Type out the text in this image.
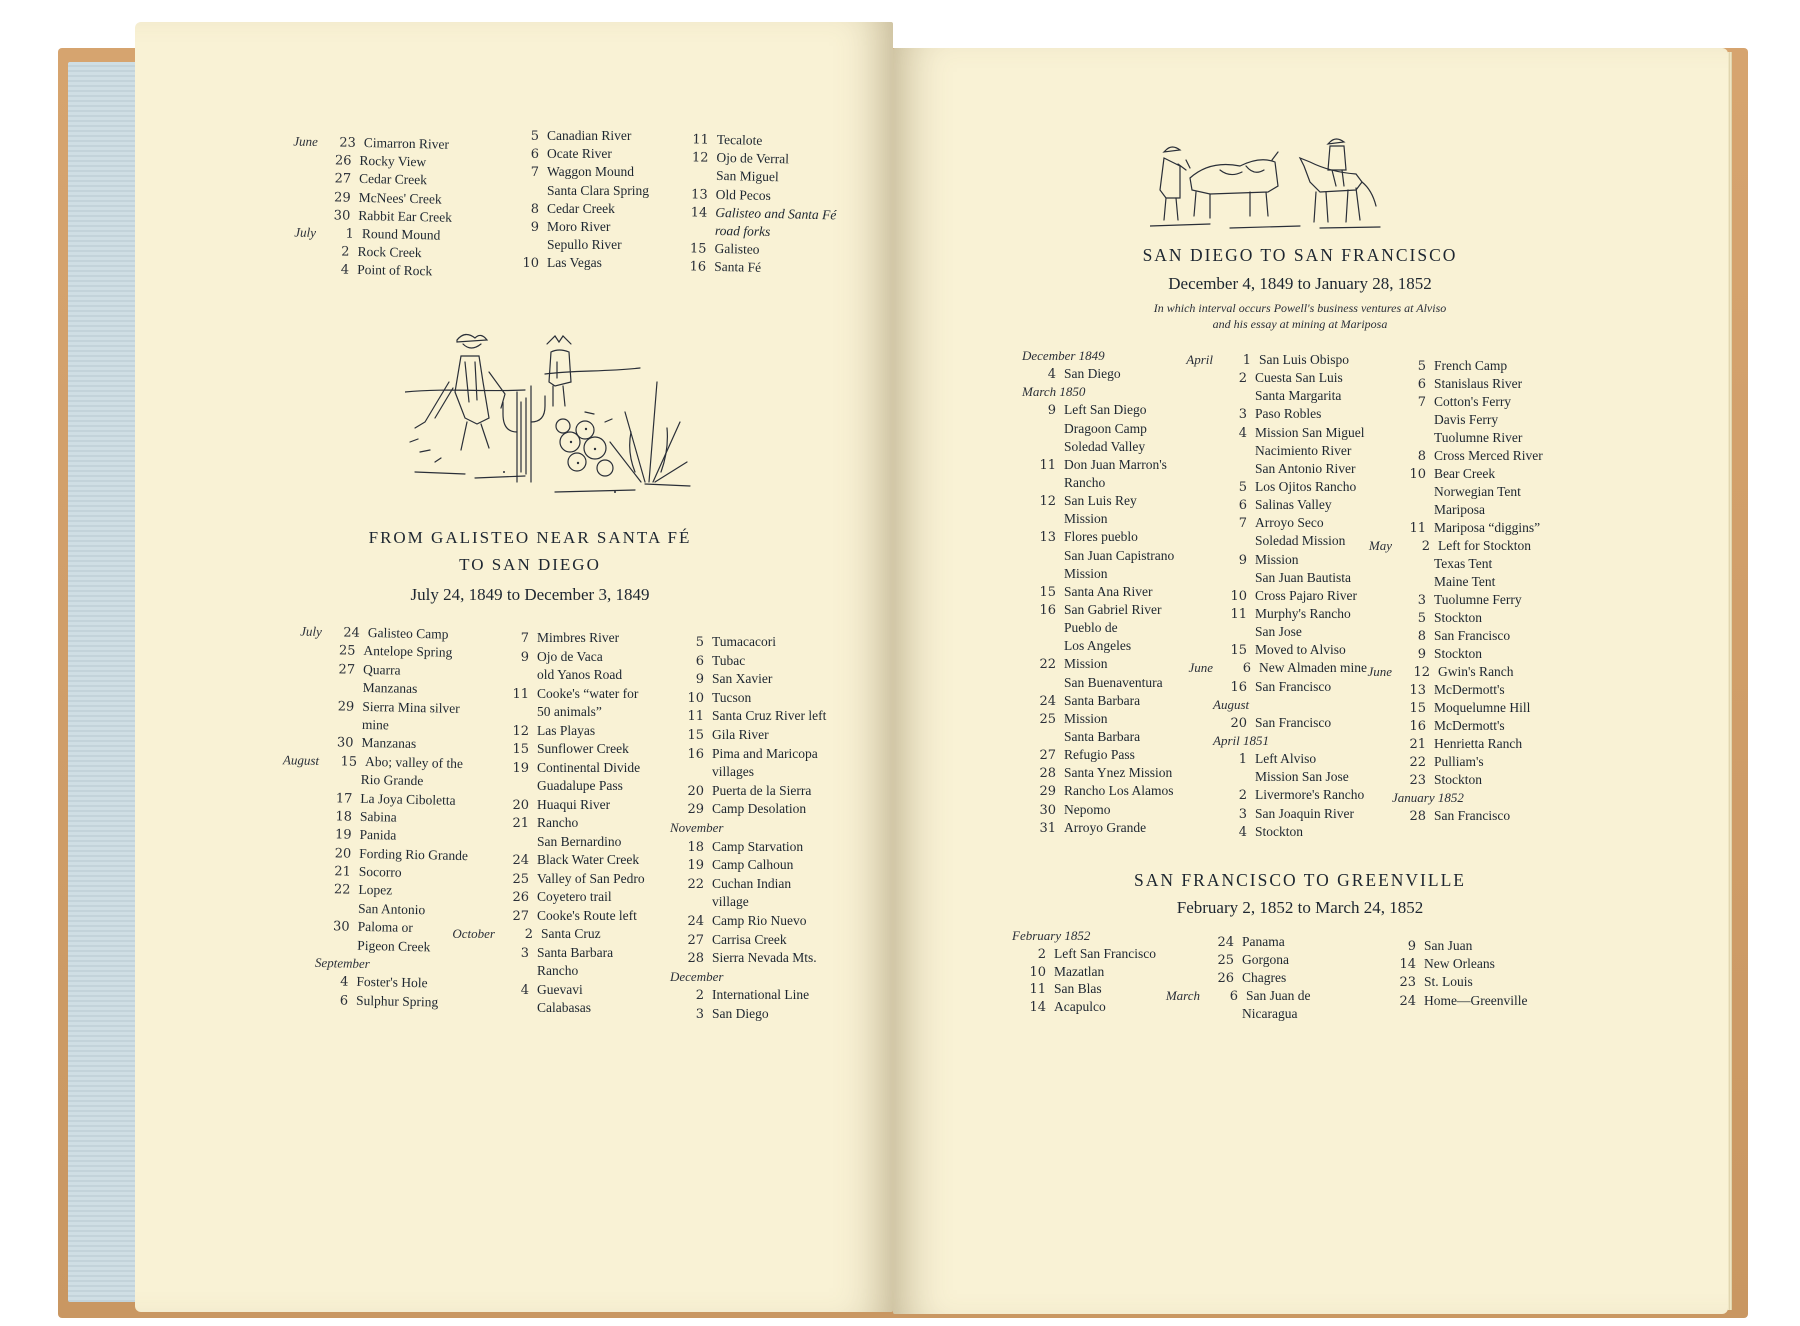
June	23 Cimarron River
26 Rocky View
27 Cedar Creek
29 McNees' Creek
30 Rabbit Ear Creek
July	1 Round Mound
2 Rock Creek
4 Point of Rock
5 Canadian River
6 Ocate River
7 Waggon Mound
Santa Clara Spring
8 Cedar Creek
9 Moro River
Sepullo River
10 Las Vegas
11 Tecalote
12 Ojo de Verral
San Miguel
13 Old Pecos
14 Galisteo and Santa Fé
road forks
15 Galisteo
16 Santa Fé
FROM GALISTEO NEAR SANTA FÉ
TO SAN DIEGO
July 24, 1849 to December 3, 1849
July	24 Galisteo Camp
25 Antelope Spring
27 Quarra
Manzanas
29 Sierra Mina silver
mine
30 Manzanas
August	15 Abo; valley of the
Rio Grande
17 La Joya Ciboletta
18 Sabina
19 Panida
20 Fording Rio Grande
21 Socorro
22 Lopez
San Antonio
30 Paloma or
Pigeon Creek
September
4 Foster's Hole
6 Sulphur Spring
7 Mimbres River
9 Ojo de Vaca
old Yanos Road
11 Cooke's “water for
50 animals”
12 Las Playas
15 Sunflower Creek
19 Continental Divide
Guadalupe Pass
20 Huaqui River
21 Rancho
San Bernardino
24 Black Water Creek
25 Valley of San Pedro
26 Coyetero trail
27 Cooke's Route left
October	2 Santa Cruz
3 Santa Barbara
Rancho
4 Guevavi
Calabasas
5 Tumacacori
6 Tubac
9 San Xavier
10 Tucson
11 Santa Cruz River left
15 Gila River
16 Pima and Maricopa
villages
20 Puerta de la Sierra
29 Camp Desolation
November
18 Camp Starvation
19 Camp Calhoun
22 Cuchan Indian
village
24 Camp Rio Nuevo
27 Carrisa Creek
28 Sierra Nevada Mts.
December
2 International Line
3 San Diego
SAN DIEGO TO SAN FRANCISCO
December 4, 1849 to January 28, 1852
In which interval occurs Powell's business ventures at Alviso
and his essay at mining at Mariposa
December 1849
4 San Diego
March 1850
9 Left San Diego
Dragoon Camp
Soledad Valley
11 Don Juan Marron's
Rancho
12 San Luis Rey
Mission
13 Flores pueblo
San Juan Capistrano
Mission
15 Santa Ana River
16 San Gabriel River
Pueblo de
Los Angeles
22 Mission
San Buenaventura
24 Santa Barbara
25 Mission
Santa Barbara
27 Refugio Pass
28 Santa Ynez Mission
29 Rancho Los Alamos
30 Nepomo
31 Arroyo Grande
April	1 San Luis Obispo
2 Cuesta San Luis
Santa Margarita
3 Paso Robles
4 Mission San Miguel
Nacimiento River
San Antonio River
5 Los Ojitos Rancho
6 Salinas Valley
7 Arroyo Seco
Soledad Mission
9 Mission
San Juan Bautista
10 Cross Pajaro River
11 Murphy's Rancho
San Jose
15 Moved to Alviso
June	6 New Almaden mine
16 San Francisco
August
20 San Francisco
April 1851
1 Left Alviso
Mission San Jose
2 Livermore's Rancho
3 San Joaquin River
4 Stockton
5 French Camp
6 Stanislaus River
7 Cotton's Ferry
Davis Ferry
Tuolumne River
8 Cross Merced River
10 Bear Creek
Norwegian Tent
Mariposa
11 Mariposa “diggins”
May	2 Left for Stockton
Texas Tent
Maine Tent
3 Tuolumne Ferry
5 Stockton
8 San Francisco
9 Stockton
June	12 Gwin's Ranch
13 McDermott's
15 Moquelumne Hill
16 McDermott's
21 Henrietta Ranch
22 Pulliam's
23 Stockton
January 1852
28 San Francisco
SAN FRANCISCO TO GREENVILLE
February 2, 1852 to March 24, 1852
February 1852
2 Left San Francisco
10 Mazatlan
11 San Blas
14 Acapulco
24 Panama
25 Gorgona
26 Chagres
March	6 San Juan de
Nicaragua
9 San Juan
14 New Orleans
23 St. Louis
24 Home—Greenville
